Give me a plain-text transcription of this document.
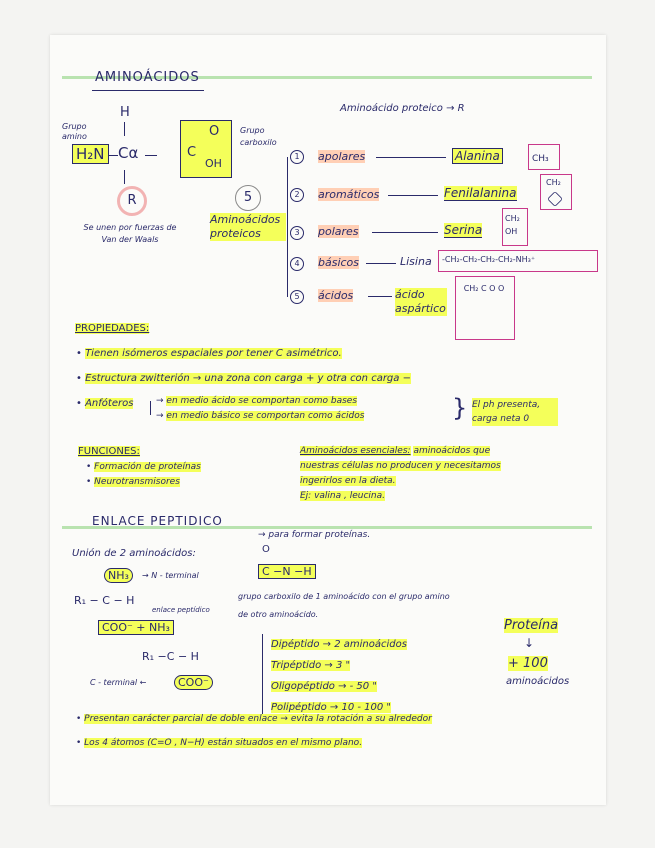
AMINOÁCIDOS
Aminoácido proteico → R
Grupo amino
Grupo carboxilo
H
H₂N Cα
O
C
OH
R	5
Se unen por fuerzas de Van der Waals
Aminoácidos proteicos
1	apolares	Alanina	CH₃
2	aromáticos	Fenilalanina
CH₂
3	polares	Serina
CH₂ OH
4	básicos	Lisina -CH₂-CH₂-CH₂-CH₂-NH₃⁺
5	ácidos	ácido aspártico
CH₂ C O O
PROPIEDADES:
• Tienen isómeros espaciales por tener C asimétrico.
• Estructura zwitterión → una zona con carga + y otra con carga −
• Anfóteros	→ en medio ácido se comportan como bases
→ en medio básico se comportan como ácidos	} El ph presenta, carga neta 0
FUNCIONES:
• Formación de proteínas
• Neurotransmisores
Aminoácidos esenciales: aminoácidos que
nuestras células no producen y necesitamos
ingerirlos en la dieta.
Ej: valina , leucina.
ENLACE PEPTIDICO
→ para formar proteínas.
Unión de 2 aminoácidos:	O
C −N −H
NH₃	→ N - terminal
R₁ − C − H
enlace peptídico
COO⁻ + NH₃
R₁ −C − H
C - terminal ←	COO⁻
grupo carboxilo de 1 aminoácido con el grupo amino
de otro aminoácido.
Dipéptido → 2 aminoácidos
Tripéptido → 3 "
Oligopéptido → - 50 "
Polipéptido → 10 - 100 "
Proteína
↓
+ 100
aminoácidos
• Presentan carácter parcial de doble enlace → evita la rotación a su alrededor
• Los 4 átomos (C=O , N−H) están situados en el mismo plano.
